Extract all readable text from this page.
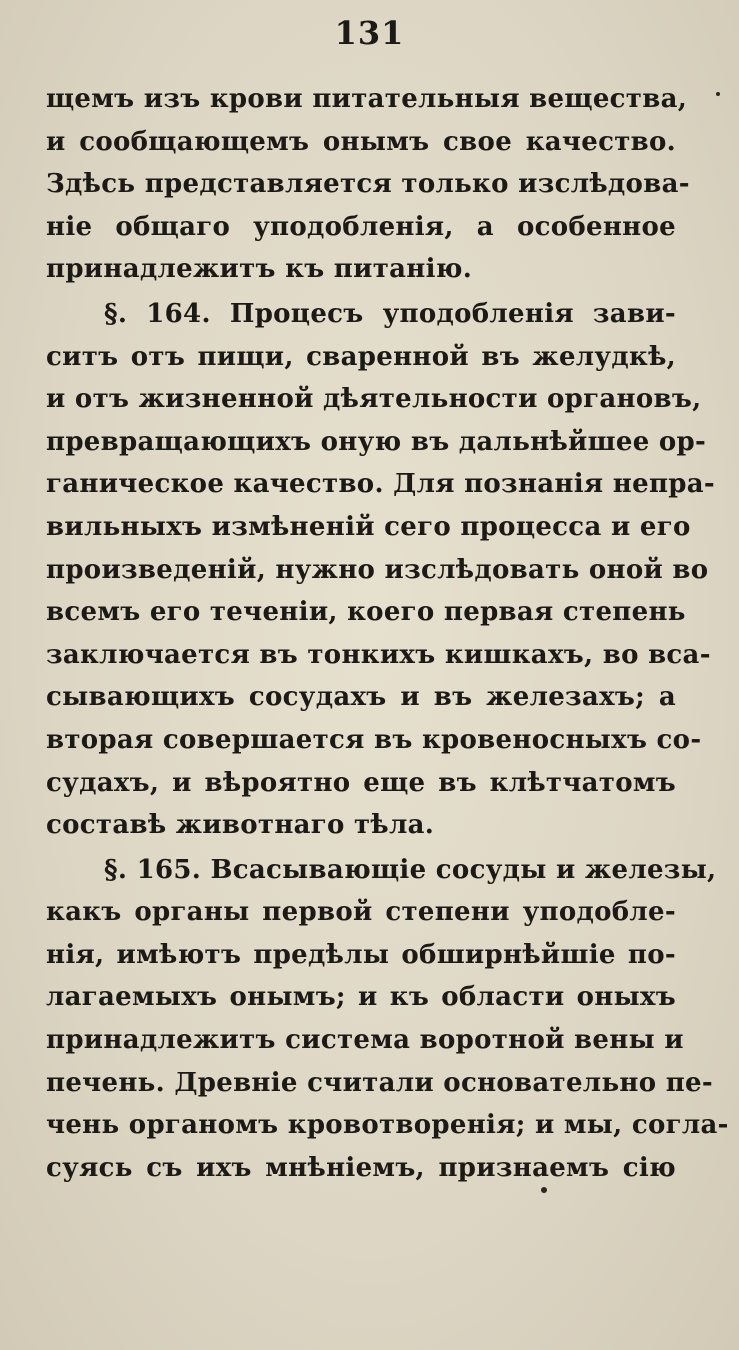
131
щемъ изъ крови питательныя вещества,
и сообщающемъ онымъ свое качество.
Здѣсь представляется только изслѣдова-
ніе общаго уподобленія, а особенное
принадлежитъ къ питанію.
§. 164. Процесъ уподобленія зави-
ситъ отъ пищи, сваренной въ желудкѣ,
и отъ жизненной дѣятельности органовъ,
превращающихъ оную въ дальнѣйшее ор-
ганическое качество. Для познанія непра-
вильныхъ измѣненій сего процесса и его
произведеній, нужно изслѣдовать оной во
всемъ его теченіи, коего первая степень
заключается въ тонкихъ кишкахъ, во вса-
сывающихъ сосудахъ и въ железахъ; а
вторая совершается въ кровеносныхъ со-
судахъ, и вѣроятно еще въ клѣтчатомъ
составѣ животнаго тѣла.
§. 165. Всасывающіе сосуды и железы,
какъ органы первой степени уподобле-
нія, имѣютъ предѣлы обширнѣйшіе по-
лагаемыхъ онымъ; и къ области оныхъ
принадлежитъ система воротной вены и
печень. Древніе считали основательно пе-
чень органомъ кровотворенія; и мы, согла-
суясь съ ихъ мнѣніемъ, признаемъ сію
